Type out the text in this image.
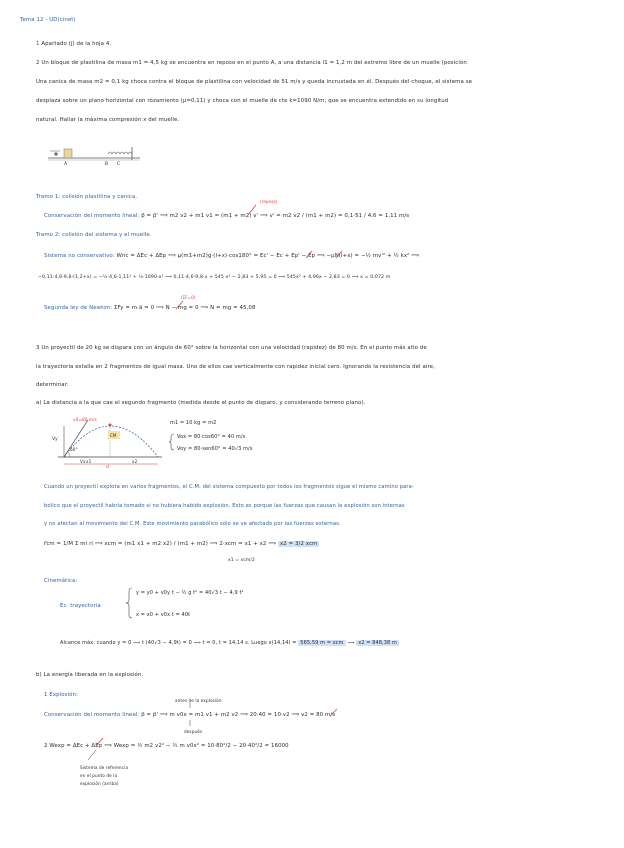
Tema 12 - UD(cinet)
1 Apartado (j) de la hoja 4.
2 Un bloque de plastilina de masa m1 = 4,5 kg se encuentra en reposo en el punto A, a una distancia l1 = 1,2 m del extremo libre de un muelle (posición
Una canica de masa m2 = 0,1 kg choca contra el bloque de plastilina con velocidad de 51 m/s y queda incrustada en él. Después del choque, el sistema se
desplaza sobre un plano horizontal con rozamiento (µ=0,11) y choca con el muelle de cte k=1090 N/m; que se encuentra extendido en su longitud
natural. Hallar la máxima compresión x del muelle.
A	B C
Tramo 1: colisión plastilina y canica.
(reposo)
Conservación del momento lineal: p⃗ = p⃗' ⟹ m2 v2 + m1 v1 = (m1 + m2) v' ⟹ v' = m2 v2 / (m1 + m2) = 0,1·51 / 4,6 = 1,11 m/s
Tramo 2: colisión del sistema y el muelle.
Sistema no conservativo: Wnc = ΔEc + ΔEp ⟹ µ(m1+m2)g·(l+x)·cos180° = Ec' − Ec + Ep' − Ep ⟹ −µN(l+x) = −½ mv'² + ½ kx² ⟹
−0,11·4,6·9,8·(1,2+x) = −½·4,6·1,11² + ½·1090·x² ⟹ 0,11·4,6·9,8·x + 545 x² − 2,83 + 5,95 = 0 ⟹ 545x² + 4,96x − 2,83 = 0 ⟹ x = 0,072 m
(ΣF=0)
Segunda ley de Newton: ΣFy = m·a⃗ = 0 ⟹ N − mg = 0 ⟹ N = mg = 45,08
3 Un proyectil de 20 kg se dispara con un ángulo de 60° sobre la horizontal con una velocidad (rapidez) de 80 m/s. En el punto más alto de
la trayectoria estalla en 2 fragmentos de igual masa. Uno de ellos cae verticalmente con rapidez inicial cero. Ignorando la resistencia del aire,
determinar:
a) La distancia a la que cae el segundo fragmento (medida desde el punto de disparo, y considerando terreno plano).
v0=80 m/s
Vy
60°
Vx
CM
x1	x2
d
m1 = 10 kg = m2
Vox = 80·cos60° = 40 m/s
Voy = 80·sen60° = 40√3 m/s
Cuando un proyectil explota en varios fragmentos, el C.M. del sistema compuesto por todos los fragmentos sigue el mismo camino para-
bólico que el proyectil habría tomado si no hubiera habido explosión. Esto es porque las fuerzas que causan la explosión son internas
y no afectan al movimiento del C.M. Este movimiento parabólico sólo se ve afectado por las fuerzas externas.
r⃗cm = 1/M Σ mi ri ⟹ xcm = (m1 x1 + m2 x2) / (m1 + m2) ⟹ 2·xcm = x1 + x2 ⟹ x2 = 3/2 xcm
x1 = xcm/2
Cinemática:
Ec. trayectoria
y = y0 + v0y t − ½ g t² = 40√3 t − 4,9 t²
x = x0 + v0x t = 40t
Alcance máx: cuando y = 0 ⟹ t (40√3 − 4,9t) = 0 ⟹ t = 0, t = 14,14 s. Luego x(14,14) = 565,59 m = xcm ⟹ x2 = 848,38 m
b) La energía liberada en la explosión.
1 Explosión:
antes de la explosión
Conservación del momento lineal: p⃗ = p⃗' ⟹ m v0x = m1 v1 + m2 v2 ⟹ 20·40 = 10·v2 ⟹ v2 = 80 m/s
después
2 Wexp = ΔEc + ΔEp ⟹ Wexp = ½ m2 v2² − ½ m v0x² = 10·80²/2 − 20·40²/2 = 16000
Sistema de referencia
en el punto de la
explosión (arriba)
